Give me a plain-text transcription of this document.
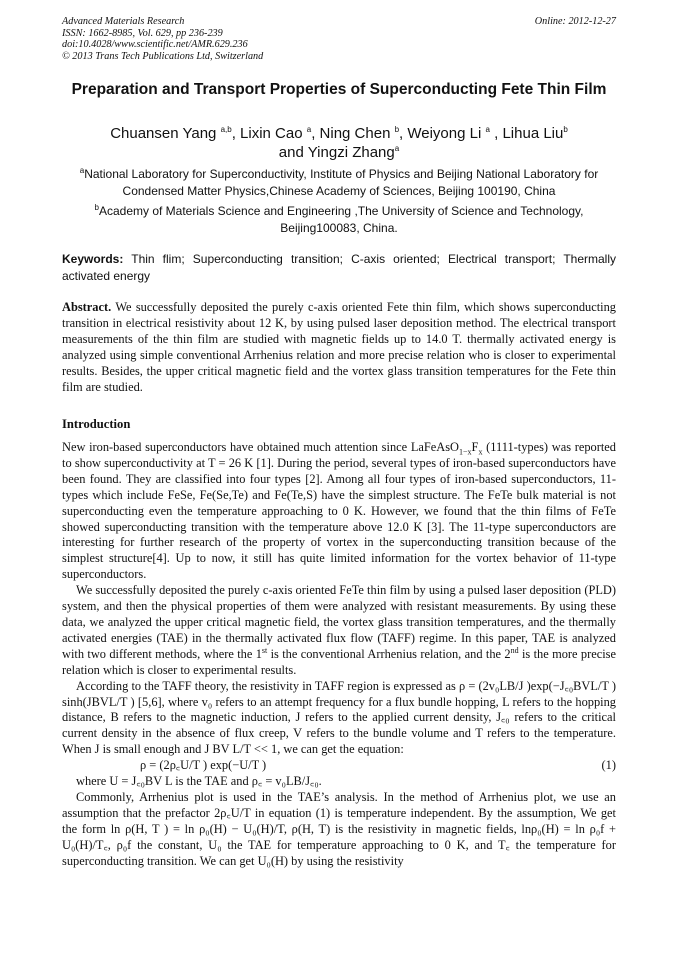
Advanced Materials Research
ISSN: 1662-8985, Vol. 629, pp 236-239
doi:10.4028/www.scientific.net/AMR.629.236
© 2013 Trans Tech Publications Ltd, Switzerland
Online: 2012-12-27
Preparation and Transport Properties of Superconducting Fete Thin Film
Chuansen Yang $^{a,b}$, Lixin Cao $^a$, Ning Chen $^b$, Weiyong Li $^a$ , Lihua Liu$^b$
and Yingzi Zhang$^a$
$^a$National Laboratory for Superconductivity, Institute of Physics and Beijing National Laboratory for Condensed Matter Physics,Chinese Academy of Sciences, Beijing 100190, China
$^b$Academy of Materials Science and Engineering ,The University of Science and Technology, Beijing100083, China.
Keywords: Thin flim; Superconducting transition; C-axis oriented; Electrical transport; Thermally activated energy
Abstract. We successfully deposited the purely c-axis oriented Fete thin film, which shows superconducting transition in electrical resistivity about 12 K, by using pulsed laser deposition method. The electrical transport measurements of the thin film are studied with magnetic fields up to 14.0 T. thermally activated energy is analyzed using simple conventional Arrhenius relation and more precise relation who is closer to experimental results. Besides, the upper critical magnetic field and the vortex glass transition temperatures for the Fete thin film are studied.
Introduction

New iron-based superconductors have obtained much attention since $LaFeAsO_{1-x}F_x$ (1111-types) was reported to show superconductivity at T = 26 K [1]. During the period, several types of iron-based superconductors have been found. They are classified into four types [2]. Among all four types of iron-based superconductors, 11-types which include FeSe, Fe(Se,Te) and Fe(Te,S) have the simplest structure. The FeTe bulk material is not superconducting even the temperature approaching to 0 K. However, we found that the thin films of FeTe showed superconducting transition with the temperature above 12.0 K [3]. The 11-type superconductors are interesting for further research of the property of vortex in the superconducting transition because of the simplest structure[4]. Up to now, it still has quite limited information for the vortex behavior of 11-type superconductors.

We successfully deposited the purely c-axis oriented FeTe thin film by using a pulsed laser deposition (PLD) system, and then the physical properties of them were analyzed with resistant measurements. By using these data, we analyzed the upper critical magnetic field, the vortex glass transition temperatures, and the thermally activated energies (TAE) in the thermally activated flux flow (TAFF) regime. In this paper, TAE is analyzed with two different methods, where the 1st is the conventional Arrhenius relation, and the 2nd is the more precise relation which is closer to experimental results.

According to the TAFF theory, the resistivity in TAFF region is expressed as ρ = (2v₀LB/J )exp(−J꜀₀BVL/T ) sinh(JBVL/T ) [5,6], where v₀ refers to an attempt frequency for a flux bundle hopping, L refers to the hopping distance, B refers to the magnetic induction, J refers to the applied current density, J꜀₀ refers to the critical current density in the absence of flux creep, V refers to the bundle volume and T refers to the temperature. When J is small enough and J BV L/T << 1, we can get the equation:

ρ = (2ρ꜀U/T ) exp(−U/T )	(1)

where U = J꜀₀BV L is the TAE and ρ꜀ = v₀LB/J꜀₀.

Commonly, Arrhenius plot is used in the TAE’s analysis. In the method of Arrhenius plot, we use an assumption that the prefactor 2ρ꜀U/T in equation (1) is temperature independent. By the assumption, We get the form ln ρ(H, T ) = ln ρ₀(H) − U₀(H)/T, ρ(H, T) is the resistivity in magnetic fields, lnρ₀(H) = ln ρ₀f + U₀(H)/T꜀, ρ₀f the constant, U₀ the TAE for temperature approaching to 0 K, and T꜀ the temperature for superconducting transition. We can get U₀(H) by using the resistivity
